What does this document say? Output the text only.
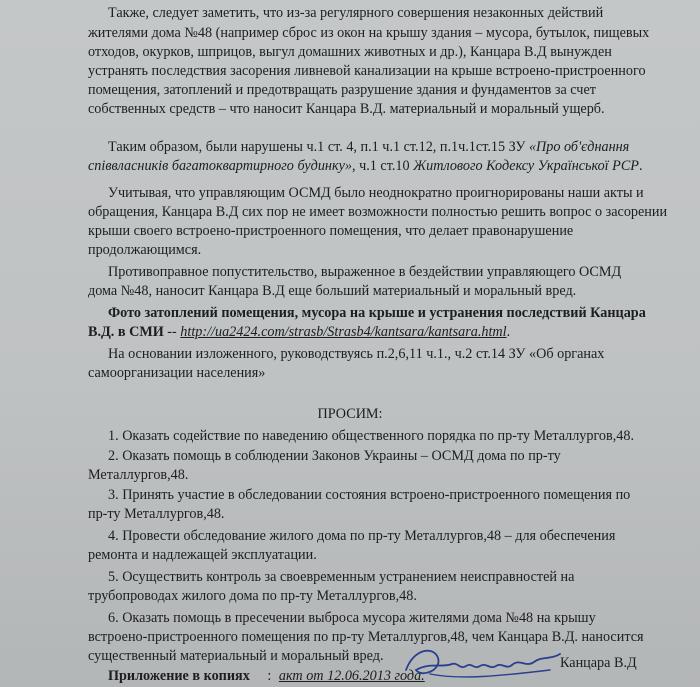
Также, следует заметить, что из-за регулярного совершения незаконных действий
жителями дома №48 (например сброс из окон на крышу здания – мусора, бутылок, пищевых
отходов, окурков, шприцов, выгул домашних животных и др.), Канцара В.Д вынужден
устранять последствия засорения ливневой канализации на крыше встроено-пристроенного
помещения, затоплений и предотвращать разрушение здания и фундаментов за счет
собственных средств – что наносит Канцара В.Д. материальный и моральный ущерб.
Таким образом, были нарушены ч.1 ст. 4, п.1 ч.1 ст.12, п.1ч.1ст.15 ЗУ «Про об'єднання
співвласників багатоквартирного будинку», ч.1 ст.10 Житлового Кодексу Української РСР.
Учитывая, что управляющим ОСМД было неоднократно проигнорированы наши акты и
обращения, Канцара В.Д сих пор не имеет возможности полностью решить вопрос о засорении
крыши своего встроено-пристроенного помещения, что делает правонарушение
продолжающимся.
Противоправное попустительство, выраженное в бездействии управляющего ОСМД
дома №48, наносит Канцара В.Д еще больший материальный и моральный вред.
Фото затоплений помещения, мусора на крыше и устранения последствий Канцара
В.Д. в СМИ -- http://ua2424.com/strasb/Strasb4/kantsara/kantsara.html.
На основании изложенного, руководствуясь п.2,6,11 ч.1., ч.2 ст.14 ЗУ «Об органах
самоорганизации населения»
ПРОСИМ:
1. Оказать содействие по наведению общественного порядка по пр-ту Металлургов,48.
2. Оказать помощь в соблюдении Законов Украины – ОСМД дома по пр-ту
Металлургов,48.
3. Принять участие в обследовании состояния встроено-пристроенного помещения по
пр-ту Металлургов,48.
4. Провести обследование жилого дома по пр-ту Металлургов,48 – для обеспечения
ремонта и надлежащей эксплуатации.
5. Осуществить контроль за своевременным устранением неисправностей на
трубопроводах жилого дома по пр-ту Металлургов,48.
6. Оказать помощь в пресечении выброса мусора жителями дома №48 на крышу
встроено-пристроенного помещения по пр-ту Металлургов,48, чем Канцара В.Д. наносится
существенный материальный и моральный вред.
Приложение в копиях : акт от 12.06.2013 года.
Канцара В.Д
